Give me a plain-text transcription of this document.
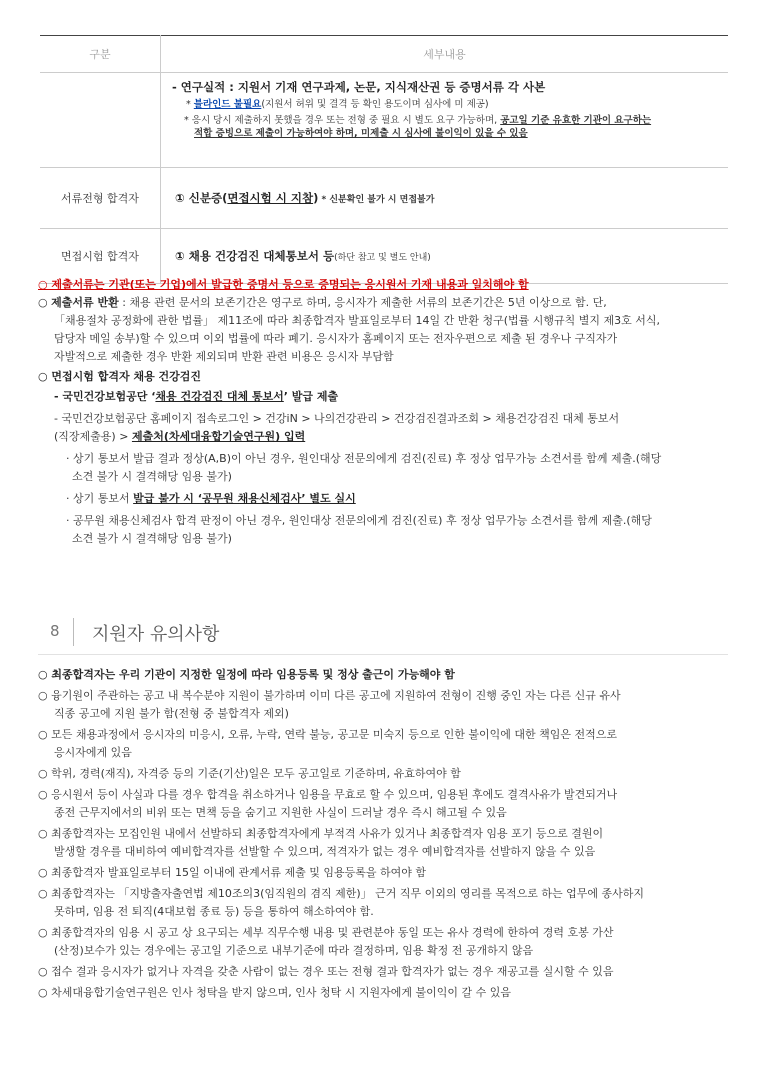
구분	세부내용

	- 연구실적 : 지원서 기재 연구과제, 논문, 지식재산권 등 증명서류 각 사본
* 블라인드 불필요(지원서 허위 및 결격 등 확인 용도이며 심사에 미 제공)
* 응시 당시 제출하지 못했을 경우 또는 전형 중 필요 시 별도 요구 가능하며, 공고일 기준 유효한 기관이 요구하는
적합 증빙으로 제출이 가능하여야 하며, 미제출 시 심사에 불이익이 있을 수 있음

서류전형 합격자	① 신분증(면접시험 시 지참) * 신분확인 불가 시 면접불가
면접시험 합격자	① 채용 건강검진 대체통보서 등(하단 참고 및 별도 안내)
○ 제출서류는 기관(또는 기업)에서 발급한 증명서 등으로 증명되는 응시원서 기재 내용과 일치해야 함
○ 제출서류 반환 : 채용 관련 문서의 보존기간은 영구로 하며, 응시자가 제출한 서류의 보존기간은 5년 이상으로 함. 단,
「채용절차 공정화에 관한 법률」 제11조에 따라 최종합격자 발표일로부터 14일 간 반환 청구(법률 시행규칙 별지 제3호 서식,
담당자 메일 송부)할 수 있으며 이외 법률에 따라 폐기. 응시자가 홈페이지 또는 전자우편으로 제출 된 경우나 구직자가
자발적으로 제출한 경우 반환 제외되며 반환 관련 비용은 응시자 부담함
○ 면접시험 합격자 채용 건강검진
- 국민건강보험공단 ‘채용 건강검진 대체 통보서’ 발급 제출
- 국민건강보험공단 홈페이지 접속로그인 > 건강iN > 나의건강관리 > 건강검진결과조회 > 채용건강검진 대체 통보서
(직장제출용) > 제출처(차세대융합기술연구원) 입력
· 상기 통보서 발급 결과 정상(A,B)이 아닌 경우, 원인대상 전문의에게 검진(진료) 후 정상 업무가능 소견서를 함께 제출.(해당
소견 불가 시 결격해당 임용 불가)
· 상기 통보서 발급 불가 시 ‘공무원 채용신체검사’ 별도 실시
· 공무원 채용신체검사 합격 판정이 아닌 경우, 원인대상 전문의에게 검진(진료) 후 정상 업무가능 소견서를 함께 제출.(해당
소견 불가 시 결격해당 임용 불가)
8 지원자 유의사항
○ 최종합격자는 우리 기관이 지정한 일정에 따라 임용등록 및 정상 출근이 가능해야 함
○ 융기원이 주관하는 공고 내 복수분야 지원이 불가하며 이미 다른 공고에 지원하여 전형이 진행 중인 자는 다른 신규 유사
직종 공고에 지원 불가 함(전형 중 불합격자 제외)
○ 모든 채용과정에서 응시자의 미응시, 오류, 누락, 연락 불능, 공고문 미숙지 등으로 인한 불이익에 대한 책임은 전적으로
응시자에게 있음
○ 학위, 경력(재직), 자격증 등의 기준(기산)일은 모두 공고일로 기준하며, 유효하여야 함
○ 응시원서 등이 사실과 다를 경우 합격을 취소하거나 임용을 무효로 할 수 있으며, 임용된 후에도 결격사유가 발견되거나
종전 근무지에서의 비위 또는 면책 등을 숨기고 지원한 사실이 드러날 경우 즉시 해고될 수 있음
○ 최종합격자는 모집인원 내에서 선발하되 최종합격자에게 부적격 사유가 있거나 최종합격자 임용 포기 등으로 결원이
발생할 경우를 대비하여 예비합격자를 선발할 수 있으며, 적격자가 없는 경우 예비합격자를 선발하지 않을 수 있음
○ 최종합격자 발표일로부터 15일 이내에 관계서류 제출 및 임용등록을 하여야 함
○ 최종합격자는 「지방출자출연법 제10조의3(임직원의 겸직 제한)」 근거 직무 이외의 영리를 목적으로 하는 업무에 종사하지
못하며, 임용 전 퇴직(4대보험 종료 등) 등을 통하여 해소하여야 함.
○ 최종합격자의 임용 시 공고 상 요구되는 세부 직무수행 내용 및 관련분야 동일 또는 유사 경력에 한하여 경력 호봉 가산
(산정)보수가 있는 경우에는 공고일 기준으로 내부기준에 따라 결정하며, 임용 확정 전 공개하지 않음
○ 접수 결과 응시자가 없거나 자격을 갖춘 사람이 없는 경우 또는 전형 결과 합격자가 없는 경우 재공고를 실시할 수 있음
○ 차세대융합기술연구원은 인사 청탁을 받지 않으며, 인사 청탁 시 지원자에게 불이익이 갈 수 있음
